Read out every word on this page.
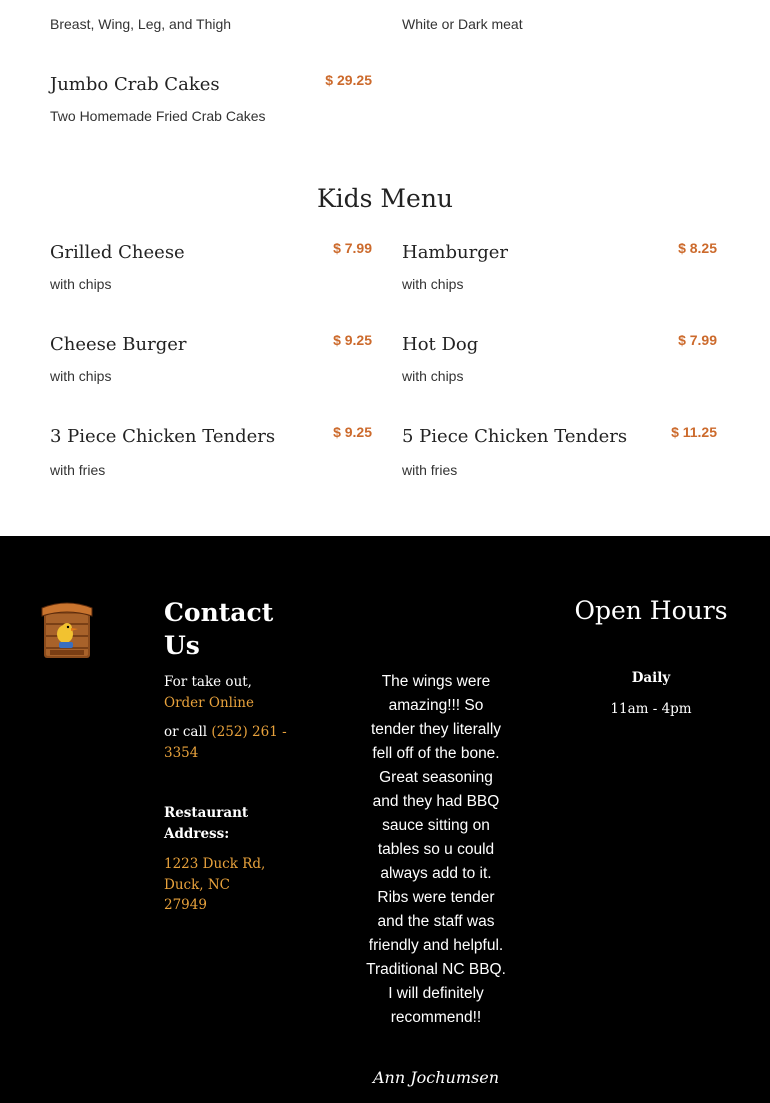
Breast, Wing, Leg, and Thigh	White or Dark meat
Jumbo Crab Cakes	$ 29.25
Two Homemade Fried Crab Cakes
Kids Menu
Grilled Cheese	$ 7.99
with chips
Hamburger	$ 8.25
with chips
Cheese Burger	$ 9.25
with chips
Hot Dog	$ 7.99
with chips
3 Piece Chicken Tenders	$ 9.25
with fries
5 Piece Chicken Tenders	$ 11.25
with fries
Contact Us
For take out,
Order Online
or call (252) 261 - 3354
Restaurant Address:
1223 Duck Rd, Duck, NC 27949
The wings were amazing!!! So tender they literally fell off of the bone. Great seasoning and they had BBQ sauce sitting on tables so u could always add to it. Ribs were tender and the staff was friendly and helpful. Traditional NC BBQ. I will definitely recommend!!
Ann Jochumsen
Open Hours
Daily
11am - 4pm
